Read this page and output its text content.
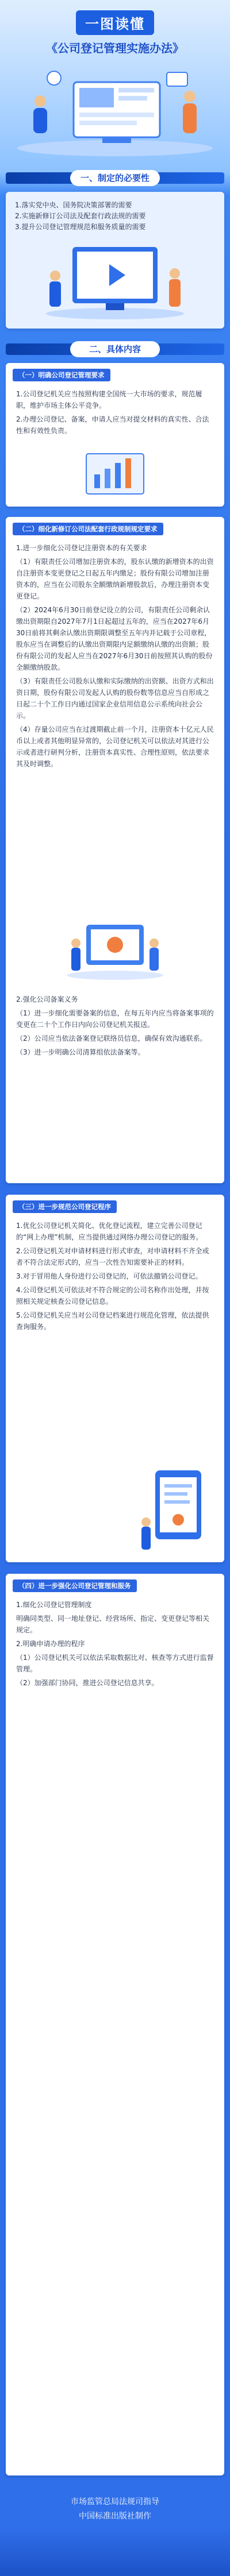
一图读懂
《公司登记管理实施办法》
一、制定的必要性
1.落实党中央、国务院决策部署的需要
2.实施新修订公司法及配套行政法规的需要
3.提升公司登记管理规范和服务质量的需要
二、具体内容
（一）明确公司登记管理要求

1.公司登记机关应当按照构建全国统一大市场的要求，规范履职，维护市场主体公平竞争。

2.办理公司登记、备案，申请人应当对提交材料的真实性、合法性和有效性负责。

（二）细化新修订公司法配套行政规制规定要求

1.进一步细化公司登记注册资本的有关要求

（1）有限责任公司增加注册资本的，股东认缴的新增资本的出资自注册资本变更登记之日起五年内缴足；股份有限公司增加注册资本的，应当在公司股东全额缴纳新增股款后，办理注册资本变更登记。

（2）2024年6月30日前登记设立的公司，有限责任公司剩余认缴出资期限自2027年7月1日起超过五年的，应当在2027年6月30日前将其剩余认缴出资期限调整至五年内并记载于公司章程，股东应当在调整后的认缴出资期限内足额缴纳认缴的出资额；股份有限公司的发起人应当在2027年6月30日前按照其认购的股份全额缴纳股款。

（3）有限责任公司股东认缴和实际缴纳的出资额、出资方式和出资日期，股份有限公司发起人认购的股份数等信息应当自形成之日起二十个工作日内通过国家企业信用信息公示系统向社会公示。

（4）存量公司应当在过渡期截止前一个月，注册资本十亿元人民币以上或者其他明显异常的，公司登记机关可以依法对其进行公示或者进行研判分析，注册资本真实性、合理性原则，依法要求其及时调整。

2.强化公司备案义务

（1）进一步细化需要备案的信息，在每五年内应当将备案事项的变更在二十个工作日内向公司登记机关报送。

（2）公司应当依法备案登记联络员信息，确保有效沟通联系。

（3）进一步明确公司清算组依法备案等。

（三）进一步规范公司登记程序

1.优化公司登记机关简化、优化登记流程，建立完善公司登记的“网上办理”机制，应当提供通过网络办理公司登记的服务。

2.公司登记机关对申请材料进行形式审查，对申请材料不齐全或者不符合法定形式的，应当一次性告知需要补正的材料。

3.对于冒用他人身份进行公司登记的，可依法撤销公司登记。

4.公司登记机关可依法对不符合规定的公司名称作出处理，并按照相关规定核查公司登记信息。

5.公司登记机关应当对公司登记档案进行规范化管理，依法提供查询服务。

（四）进一步强化公司登记管理和服务

1.细化公司登记管理制度

明确同类型、同一地址登记、经营场所、指定、变更登记等相关规定。

2.明确申请办理的程序

（1）公司登记机关可以依法采取数据比对、核查等方式进行监督管理。

（2）加强部门协同，推进公司登记信息共享。

市场监管总局法规司指导
中国标准出版社制作
